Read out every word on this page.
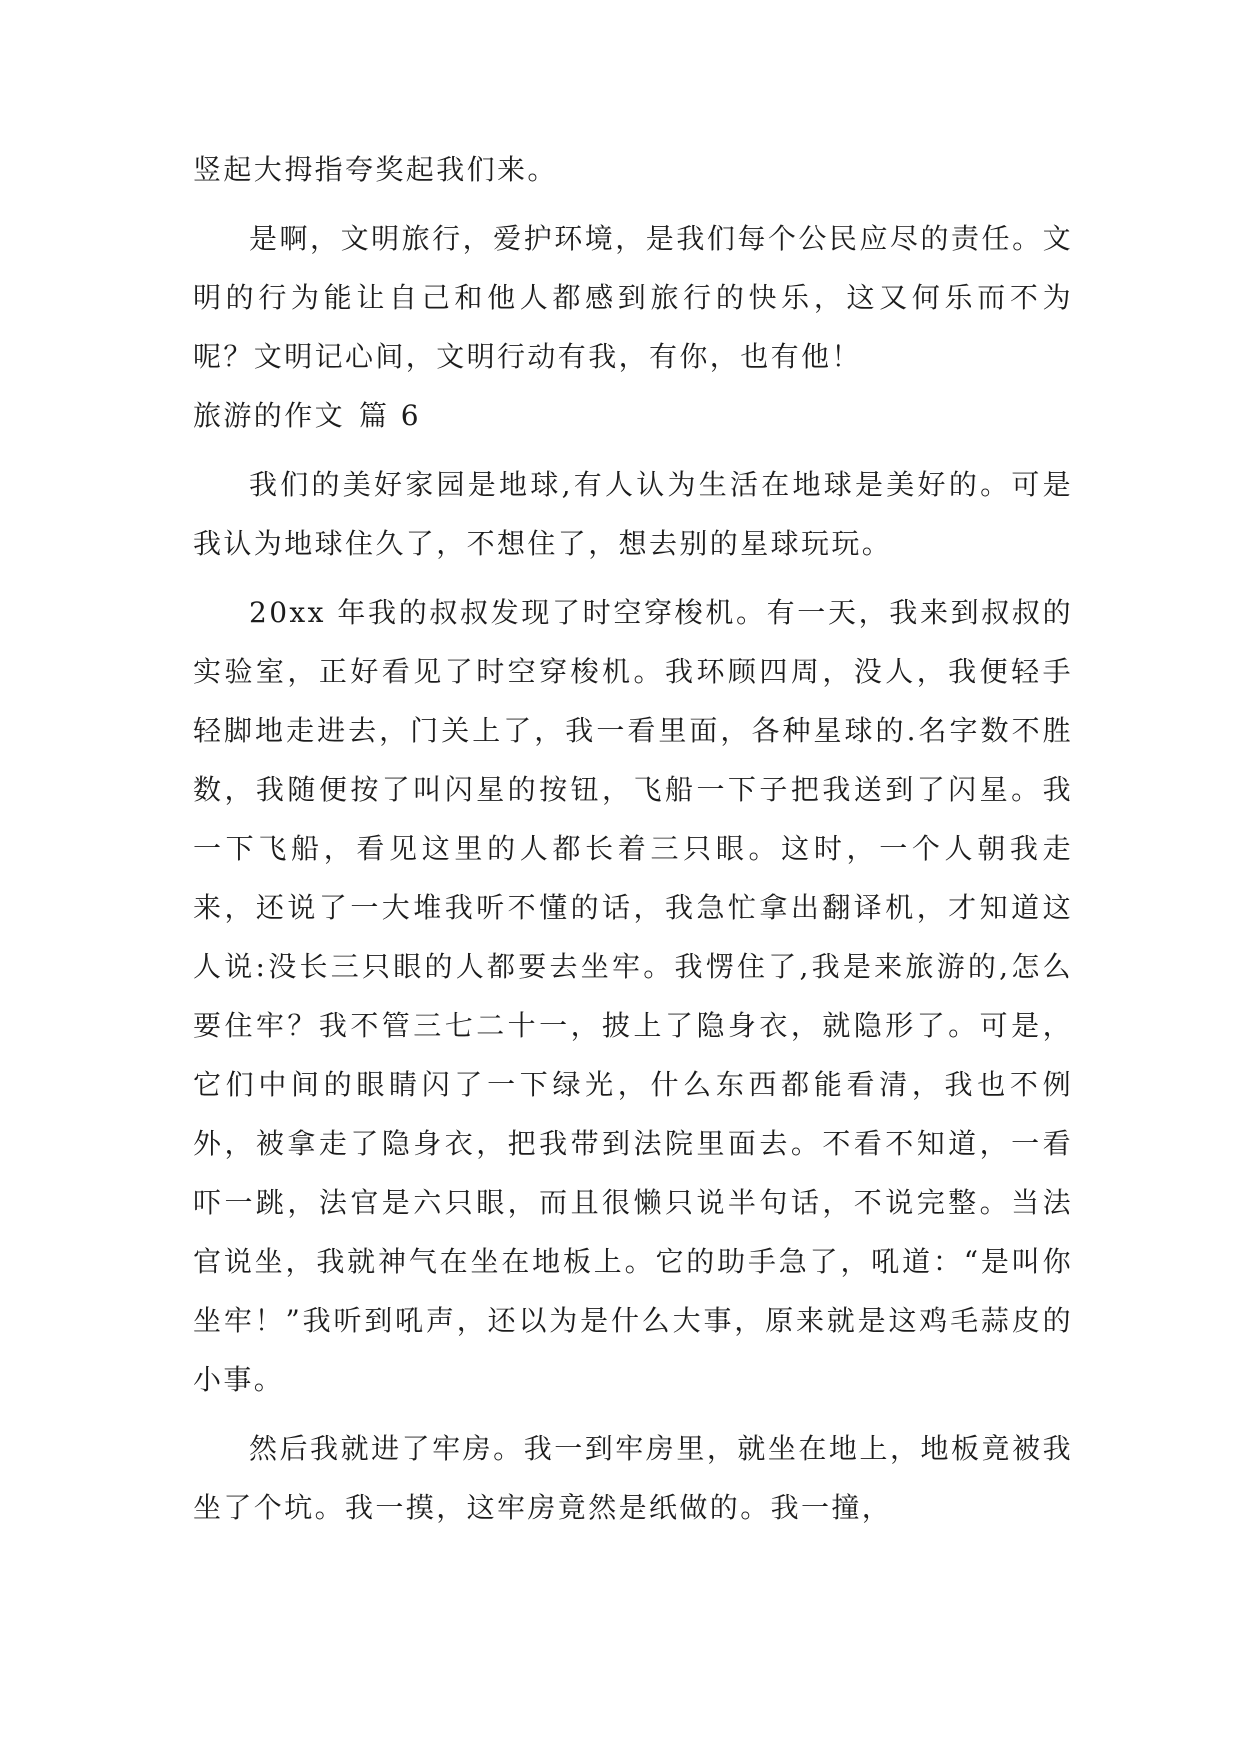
竖起大拇指夸奖起我们来。

是啊，文明旅行，爱护环境，是我们每个公民应尽的责任。文明的行为能让自己和他人都感到旅行的快乐，这又何乐而不为呢？文明记心间，文明行动有我，有你，也有他！

旅游的作文 篇 6

我们的美好家园是地球,有人认为生活在地球是美好的。可是我认为地球住久了，不想住了，想去别的星球玩玩。

20xx 年我的叔叔发现了时空穿梭机。有一天，我来到叔叔的实验室，正好看见了时空穿梭机。我环顾四周，没人，我便轻手轻脚地走进去，门关上了，我一看里面，各种星球的.名字数不胜数，我随便按了叫闪星的按钮，飞船一下子把我送到了闪星。我一下飞船，看见这里的人都长着三只眼。这时，一个人朝我走来，还说了一大堆我听不懂的话，我急忙拿出翻译机，才知道这人说:没长三只眼的人都要去坐牢。我愣住了,我是来旅游的,怎么要住牢？我不管三七二十一，披上了隐身衣，就隐形了。可是，它们中间的眼睛闪了一下绿光，什么东西都能看清，我也不例外，被拿走了隐身衣，把我带到法院里面去。不看不知道，一看吓一跳，法官是六只眼，而且很懒只说半句话，不说完整。当法官说坐，我就神气在坐在地板上。它的助手急了，吼道：“是叫你坐牢！”我听到吼声，还以为是什么大事，原来就是这鸡毛蒜皮的小事。

然后我就进了牢房。我一到牢房里，就坐在地上，地板竟被我坐了个坑。我一摸，这牢房竟然是纸做的。我一撞，
